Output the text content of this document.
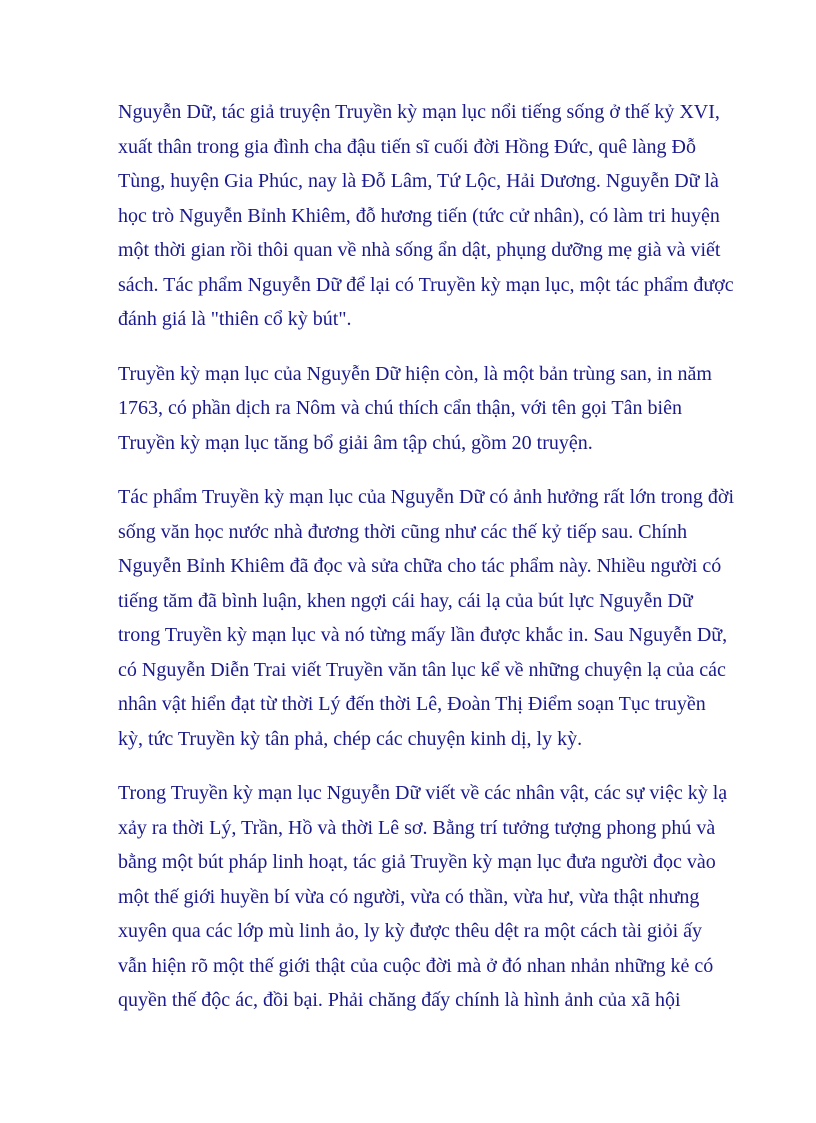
Nguyễn Dữ, tác giả truyện Truyền kỳ mạn lục nổi tiếng sống ở thế kỷ XVI,
xuất thân trong gia đình cha đậu tiến sĩ cuối đời Hồng Đức, quê làng Đỗ
Tùng, huyện Gia Phúc, nay là Đỗ Lâm, Tứ Lộc, Hải Dương. Nguyễn Dữ là
học trò Nguyễn Bỉnh Khiêm, đỗ hương tiến (tức cử nhân), có làm tri huyện
một thời gian rồi thôi quan về nhà sống ẩn dật, phụng dưỡng mẹ già và viết
sách. Tác phẩm Nguyễn Dữ để lại có Truyền kỳ mạn lục, một tác phẩm được
đánh giá là "thiên cổ kỳ bút".

Truyền kỳ mạn lục của Nguyễn Dữ hiện còn, là một bản trùng san, in năm
1763, có phần dịch ra Nôm và chú thích cẩn thận, với tên gọi Tân biên
Truyền kỳ mạn lục tăng bổ giải âm tập chú, gồm 20 truyện.

Tác phẩm Truyền kỳ mạn lục của Nguyễn Dữ có ảnh hưởng rất lớn trong đời
sống văn học nước nhà đương thời cũng như các thế kỷ tiếp sau. Chính
Nguyễn Bỉnh Khiêm đã đọc và sửa chữa cho tác phẩm này. Nhiều người có
tiếng tăm đã bình luận, khen ngợi cái hay, cái lạ của bút lực Nguyễn Dữ
trong Truyền kỳ mạn lục và nó từng mấy lần được khắc in. Sau Nguyễn Dữ,
có Nguyễn Diễn Trai viết Truyền văn tân lục kể về những chuyện lạ của các
nhân vật hiển đạt từ thời Lý đến thời Lê, Đoàn Thị Điểm soạn Tục truyền
kỳ, tức Truyền kỳ tân phả, chép các chuyện kinh dị, ly kỳ.

Trong Truyền kỳ mạn lục Nguyễn Dữ viết về các nhân vật, các sự việc kỳ lạ
xảy ra thời Lý, Trần, Hồ và thời Lê sơ. Bằng trí tưởng tượng phong phú và
bằng một bút pháp linh hoạt, tác giả Truyền kỳ mạn lục đưa người đọc vào
một thế giới huyền bí vừa có người, vừa có thần, vừa hư, vừa thật nhưng
xuyên qua các lớp mù linh ảo, ly kỳ được thêu dệt ra một cách tài giỏi ấy
vẫn hiện rõ một thế giới thật của cuộc đời mà ở đó nhan nhản những kẻ có
quyền thế độc ác, đồi bại. Phải chăng đấy chính là hình ảnh của xã hội
